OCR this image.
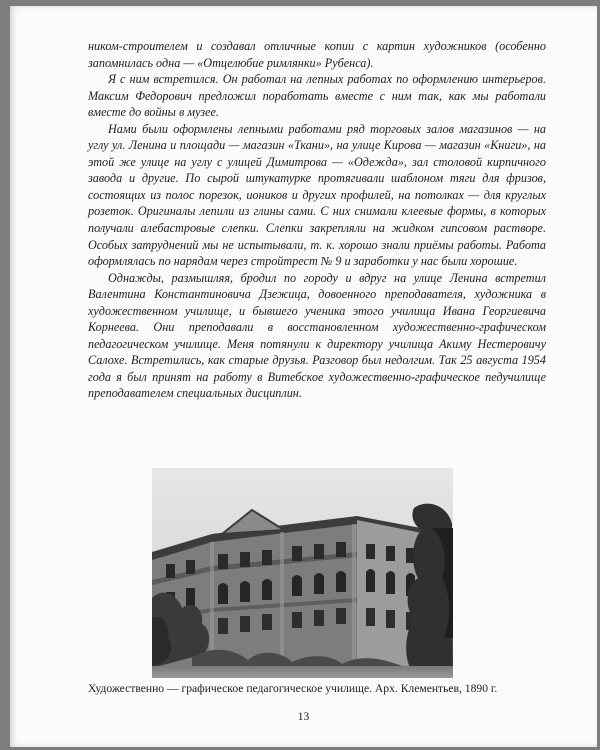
ником-строителем и создавал отличные копии с картин художников (особенно запомнилась одна — «Отцелюбие римлянки» Рубенса).

Я с ним встретился. Он работал на лепных работах по оформлению интерьеров. Максим Федорович предложил поработать вместе с ним так, как мы работали вместе до войны в музее.

Нами были оформлены лепными работами ряд торговых залов магазинов — на углу ул. Ленина и площади — магазин «Ткани», на улице Кирова — магазин «Книги», на этой же улице на углу с улицей Димитрова — «Одежда», зал столовой кирпичного завода и другие. По сырой штукатурке протягивали шаблоном тяги для фризов, состоящих из полос порезок, иоников и других профилей, на потолках — для круглых розеток. Оригиналы лепили из глины сами. С них снимали клеевые формы, в которых получали алебастровые слепки. Слепки закрепляли на жидком гипсовом растворе. Особых затруднений мы не испытывали, т. к. хорошо знали приёмы работы. Работа оформлялась по нарядам через стройтрест № 9 и заработки у нас были хорошие.

Однажды, размышляя, бродил по городу и вдруг на улице Ленина встретил Валентина Константиновича Дзежица, довоенного преподавателя, художника в художественном училище, и бывшего ученика этого училища Ивана Георгиевича Корнеева. Они преподавали в восстановленном художественно-графическом педагогическом училище. Меня потянули к директору училища Акиму Нестеровичу Салохе. Встретились, как старые друзья. Разговор был недолгим. Так 25 августа 1954 года я был принят на работу в Витебское художественно-графическое педучилище преподавателем специальных дисциплин.

Художественно — графическое педагогическое училище. Арх. Клементьев, 1890 г.
13
